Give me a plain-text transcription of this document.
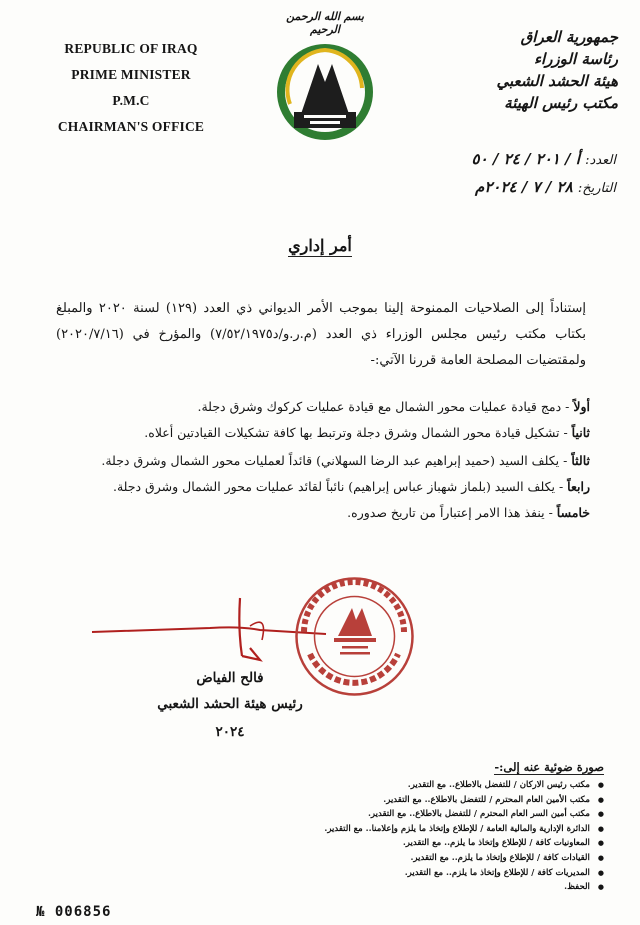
REPUBLIC OF IRAQ
PRIME MINISTER
P.M.C
CHAIRMAN'S OFFICE
بسم الله الرحمن الرحيم	جمهورية العراق
رئاسة الوزراء
هيئة الحشد الشعبي
مكتب رئيس الهيئة
العدد: أ / ٢٠١ / ٢٤ / ٥٠
التاريخ: ٢٨ / ٧ / ٢٠٢٤م
أمر إداري
إستناداً إلى الصلاحيات الممنوحة إلينا بموجب الأمر الديواني ذي العدد (١٢٩) لسنة ٢٠٢٠ والمبلغ بكتاب مكتب رئيس مجلس الوزراء ذي العدد (م.ر.و/د٧/٥٢/١٩٧٥) والمؤرخ في (٢٠٢٠/٧/١٦) ولمقتضيات المصلحة العامة قررنا الآتي:-
أولاً - دمج قيادة عمليات محور الشمال مع قيادة عمليات كركوك وشرق دجلة.
ثانياً - تشكيل قيادة محور الشمال وشرق دجلة وترتبط بها كافة تشكيلات القيادتين أعلاه.
ثالثاً - يكلف السيد (حميد إبراهيم عبد الرضا السهلاني) قائداً لعمليات محور الشمال وشرق دجلة.
رابعاً - يكلف السيد (بلماز شهباز عباس إبراهيم) نائباً لقائد عمليات محور الشمال وشرق دجلة.
خامساً - ينفذ هذا الامر إعتباراً من تاريخ صدوره.
فالح الفياض
رئيس هيئة الحشد الشعبي
٢٠٢٤
صورة ضوئية عنه إلى:-
● مكتب رئيس الاركان / للتفضل بالاطلاع.. مع التقدير.
● مكتب الأمين العام المحترم / للتفضل بالاطلاع.. مع التقدير.
● مكتب أمين السر العام المحترم / للتفضل بالاطلاع.. مع التقدير.
● الدائرة الإدارية والمالية العامة / للإطلاع وإتخاذ ما يلزم وإعلامنا.. مع التقدير.
● المعاونيات كافة / للإطلاع وإتخاذ ما يلزم.. مع التقدير.
● القيادات كافة / للإطلاع وإتخاذ ما يلزم.. مع التقدير.
● المديريات كافة / للإطلاع وإتخاذ ما يلزم.. مع التقدير.
● الحفظ.
№ 006856
